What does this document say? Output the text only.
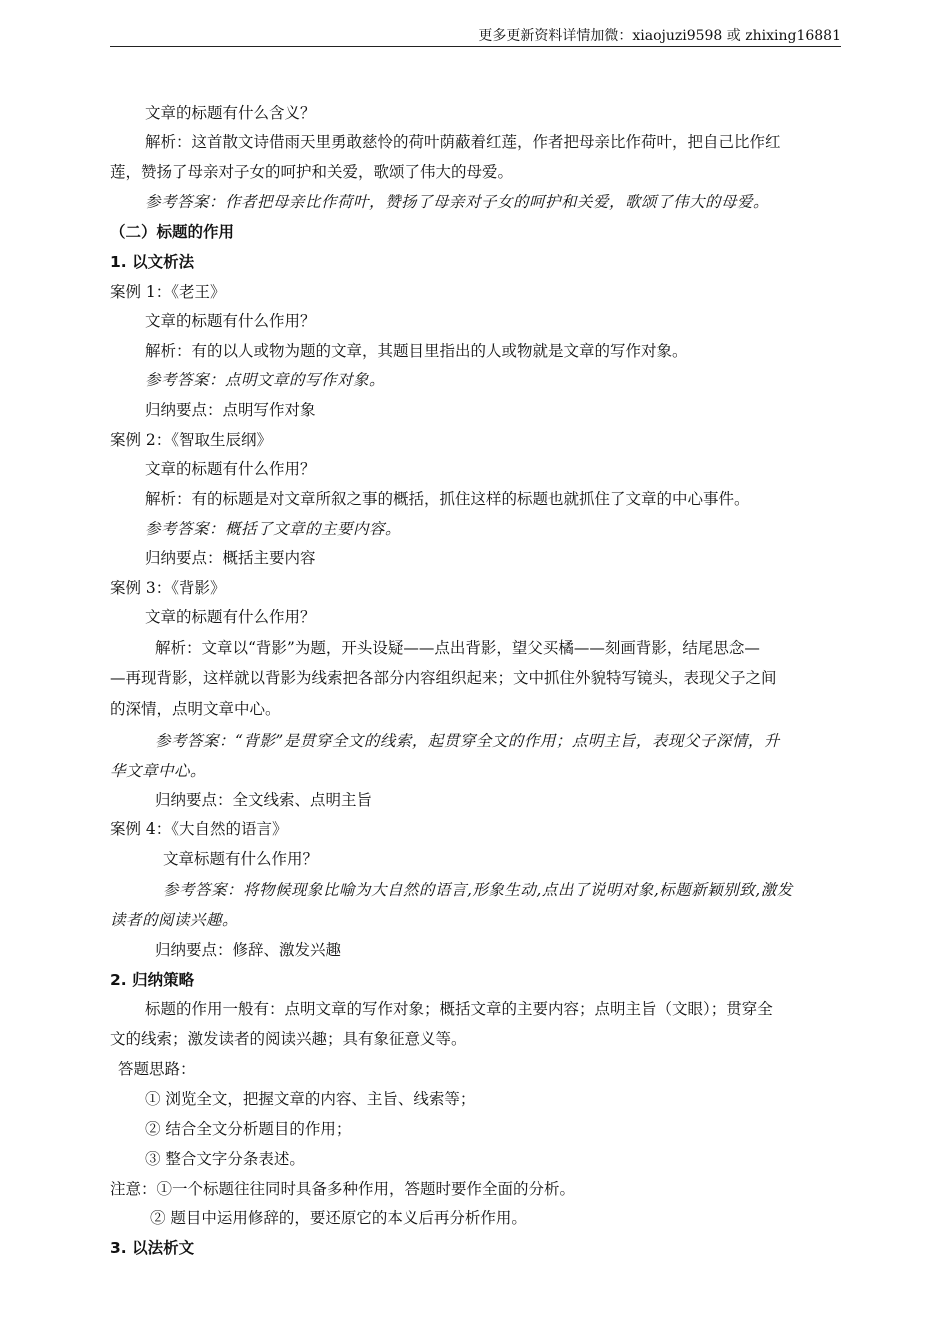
更多更新资料详情加微：xiaojuzi9598 或 zhixing16881
文章的标题有什么含义？
解析：这首散文诗借雨天里勇敢慈怜的荷叶荫蔽着红莲，作者把母亲比作荷叶，把自己比作红
莲，赞扬了母亲对子女的呵护和关爱，歌颂了伟大的母爱。
参考答案：作者把母亲比作荷叶，赞扬了母亲对子女的呵护和关爱，歌颂了伟大的母爱。
（二）标题的作用
1. 以文析法
案例 1：《老王》
文章的标题有什么作用？
解析：有的以人或物为题的文章，其题目里指出的人或物就是文章的写作对象。
参考答案：点明文章的写作对象。
归纳要点：点明写作对象
案例 2：《智取生辰纲》
文章的标题有什么作用？
解析：有的标题是对文章所叙之事的概括，抓住这样的标题也就抓住了文章的中心事件。
参考答案：概括了文章的主要内容。
归纳要点：概括主要内容
案例 3：《背影》
文章的标题有什么作用？
解析：文章以“背影”为题，开头设疑——点出背影，望父买橘——刻画背影，结尾思念—
—再现背影，这样就以背影为线索把各部分内容组织起来；文中抓住外貌特写镜头，表现父子之间
的深情，点明文章中心。
参考答案：“背影”是贯穿全文的线索，起贯穿全文的作用；点明主旨，表现父子深情，升
华文章中心。
归纳要点：全文线索、点明主旨
案例 4：《大自然的语言》
文章标题有什么作用？
参考答案：将物候现象比喻为大自然的语言,形象生动,点出了说明对象,标题新颖别致,激发
读者的阅读兴趣。
归纳要点：修辞、激发兴趣
2. 归纳策略
标题的作用一般有：点明文章的写作对象；概括文章的主要内容；点明主旨（文眼）；贯穿全
文的线索；激发读者的阅读兴趣；具有象征意义等。
答题思路：
① 浏览全文，把握文章的内容、主旨、线索等；
② 结合全文分析题目的作用；
③ 整合文字分条表述。
注意：①一个标题往往同时具备多种作用，答题时要作全面的分析。
② 题目中运用修辞的，要还原它的本义后再分析作用。
3. 以法析文
